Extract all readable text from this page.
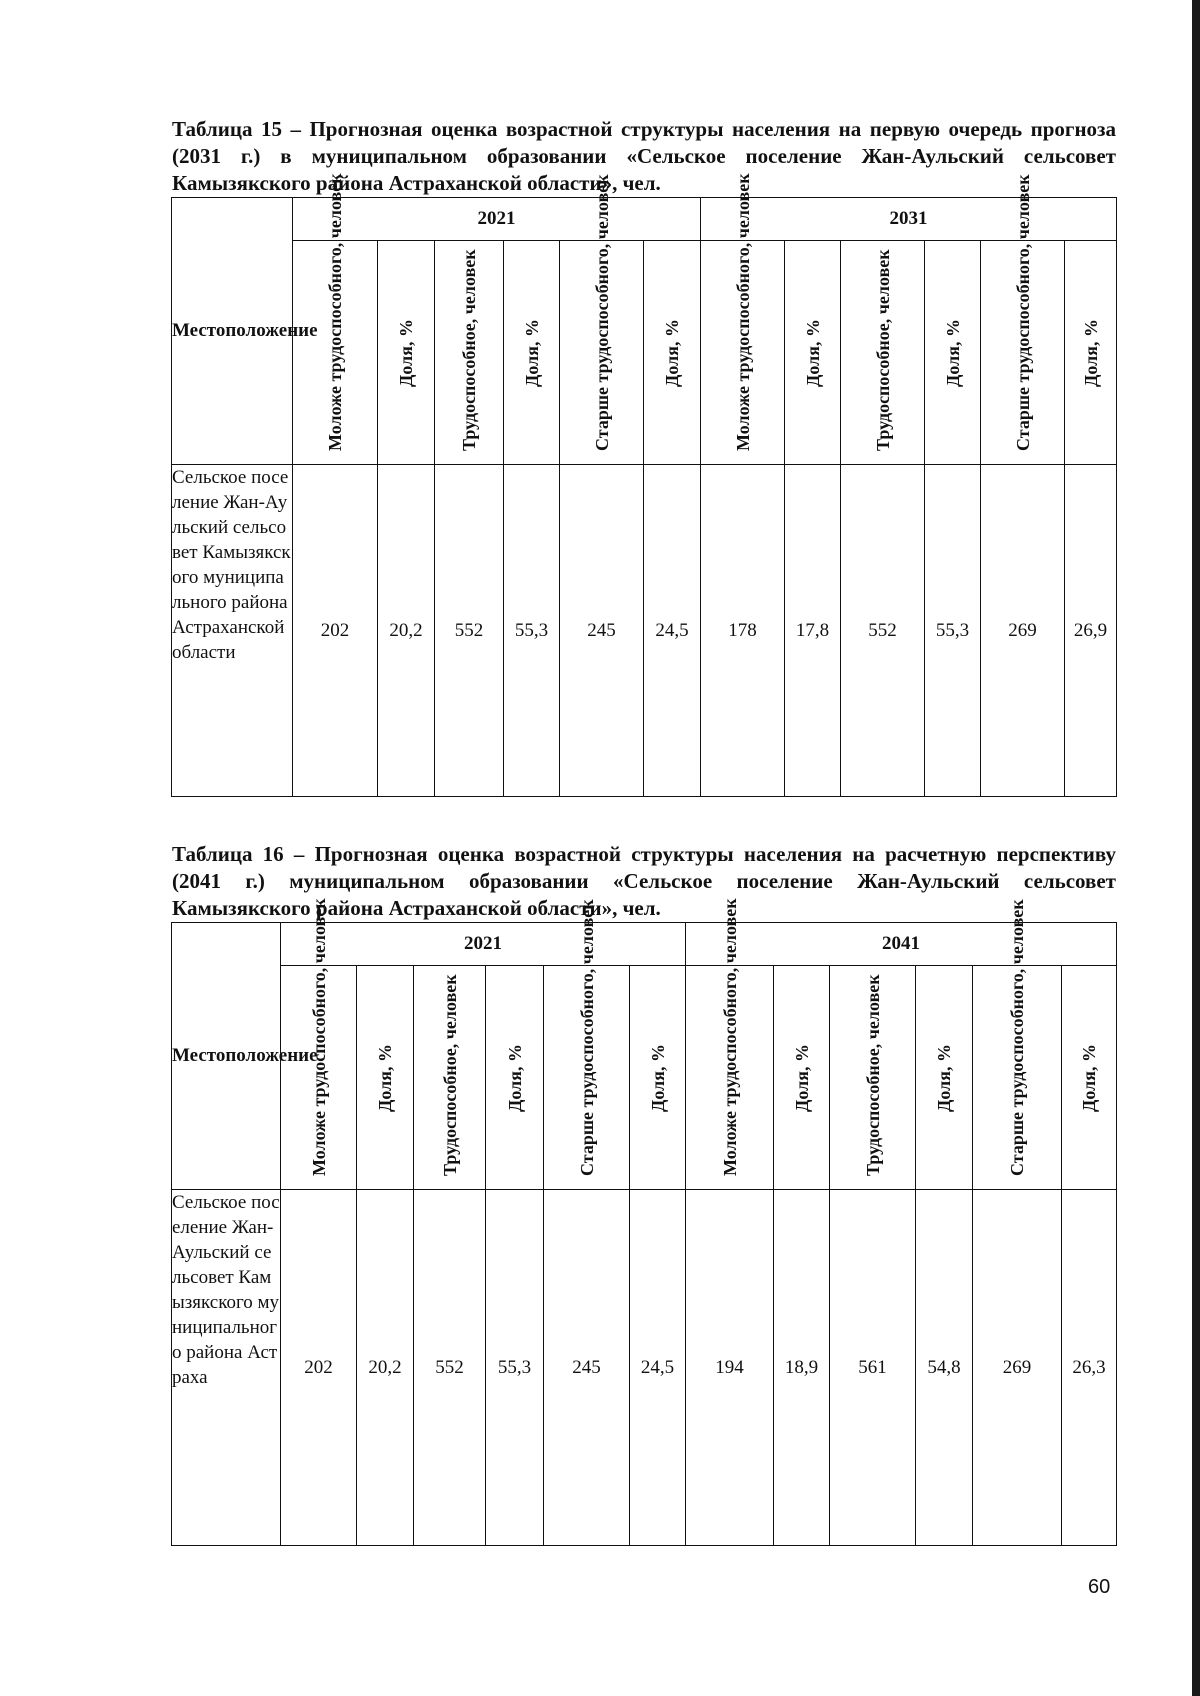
Таблица 15 – Прогнозная оценка возрастной структуры населения на первую очередь прогноза (2031 г.) в муниципальном образовании «Сельское поселение Жан-Аульский сельсовет Камызякского района Астраханской области», чел.
Местоположение	2021						2031					

	Моложе трудоспособного, человек	Доля, %	Трудоспособное, человек	Доля, %	Старше трудоспособного, человек	Доля, %	Моложе трудоспособного, человек	Доля, %	Трудоспособное, человек	Доля, %	Старше трудоспособного, человек	Доля, %

Сельское поселение Жан-Аульский сельсовет Камызякского муниципального района Астраханской области	202	20,2	552	55,3	245	24,5	178	17,8	552	55,3	269	26,9
Таблица 16 – Прогнозная оценка возрастной структуры населения на расчетную перспективу (2041 г.) муниципальном образовании «Сельское поселение Жан-Аульский сельсовет Камызякского района Астраханской области», чел.
Местоположение	2021						2041					

	Моложе трудоспособного, человек	Доля, %	Трудоспособное, человек	Доля, %	Старше трудоспособного, человек	Доля, %	Моложе трудоспособного, человек	Доля, %	Трудоспособное, человек	Доля, %	Старше трудоспособного, человек	Доля, %

Сельское поселение Жан-Аульский сельсовет Камызякского муниципального района Астраха	202	20,2	552	55,3	245	24,5	194	18,9	561	54,8	269	26,3
60
